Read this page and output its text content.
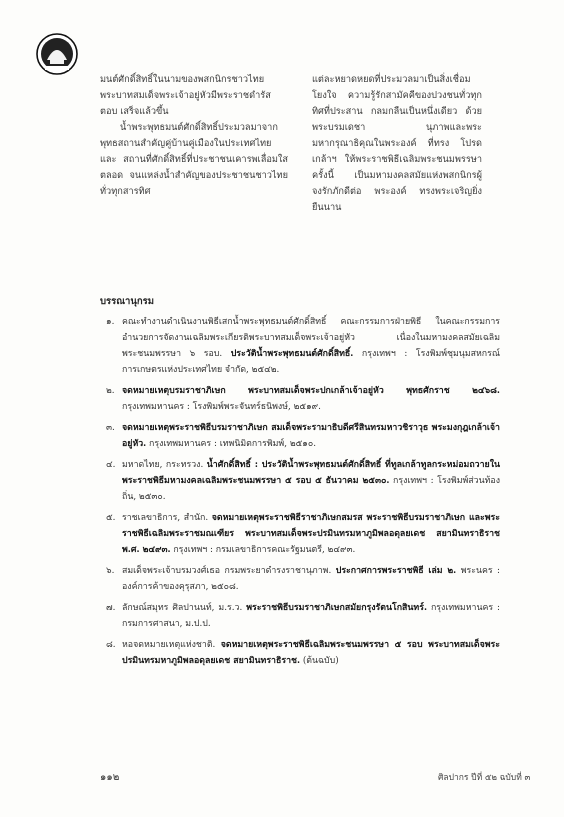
มนต์ศักดิ์สิทธิ์ในนามของพสกนิกรชาวไทย พระบาทสมเด็จพระเจ้าอยู่หัวมีพระราชดำรัสตอบ เสร็จแล้วขึ้น

น้ำพระพุทธมนต์ศักดิ์สิทธิ์ประมวลมาจาก พุทธสถานสำคัญคู่บ้านคู่เมืองในประเทศไทย และ สถานที่ศักดิ์สิทธิ์ที่ประชาชนเคารพเลื่อมใส ตลอด จนแหล่งน้ำสำคัญของประชาชนชาวไทยทั่วทุกสารทิศ

แต่ละหยาดหยดที่ประมวลมาเป็นสิ่งเชื่อมโยงใจ ความรู้รักสามัคคีของปวงชนทั่วทุกทิศที่ประสาน กลมกลืนเป็นหนึ่งเดียว ด้วยพระบรมเดชา นุภาพและพระมหากรุณาธิคุณในพระองค์ ที่ทรง โปรดเกล้าฯ ให้พระราชพิธีเฉลิมพระชนมพรรษาครั้งนี้ เป็นมหามงคลสมัยแห่งพสกนิกรผู้จงรักภักดีต่อ พระองค์ ทรงพระเจริญยิ่งยืนนาน

บรรณานุกรม
๑. คณะทำงานดำเนินงานพิธีเสกน้ำพระพุทธมนต์ศักดิ์สิทธิ์ คณะกรรมการฝ่ายพิธี ในคณะกรรมการอำนวยการจัดงานเฉลิมพระเกียรติพระบาทสมเด็จพระเจ้าอยู่หัว เนื่องในมหามงคลสมัยเฉลิมพระชนมพรรษา ๖ รอบ. ประวัติน้ำพระพุทธมนต์ศักดิ์สิทธิ์. กรุงเทพฯ : โรงพิมพ์ชุมนุมสหกรณ์การเกษตรแห่งประเทศไทย จำกัด, ๒๕๔๒.
๒. จดหมายเหตุบรมราชาภิเษก พระบาทสมเด็จพระปกเกล้าเจ้าอยู่หัว พุทธศักราช ๒๔๖๘. กรุงเทพมหานคร : โรงพิมพ์พระจันทร์ธนิพงษ์, ๒๕๑๙.
๓. จดหมายเหตุพระราชพิธีบรมราชาภิเษก สมเด็จพระรามาธิบดีศรีสินทรมหาวชิราวุธ พระมงกุฎเกล้าเจ้าอยู่หัว. กรุงเทพมหานคร : เทพนิมิตการพิมพ์, ๒๕๑๐.
๔. มหาดไทย, กระทรวง. น้ำศักดิ์สิทธิ์ : ประวัติน้ำพระพุทธมนต์ศักดิ์สิทธิ์ ที่ทูลเกล้าทูลกระหม่อมถวายในพระราชพิธีมหามงคลเฉลิมพระชนมพรรษา ๕ รอบ ๕ ธันวาคม ๒๕๓๐. กรุงเทพฯ : โรงพิมพ์ส่วนท้องถิ่น, ๒๕๓๐.
๕. ราชเลขาธิการ, สำนัก. จดหมายเหตุพระราชพิธีราชาภิเษกสมรส พระราชพิธีบรมราชาภิเษก และพระราชพิธีเฉลิมพระราชมณเฑียร พระบาทสมเด็จพระปรมินทรมหาภูมิพลอดุลยเดช สยามินทราธิราช พ.ศ. ๒๔๙๓. กรุงเทพฯ : กรมเลขาธิการคณะรัฐมนตรี, ๒๔๙๓.
๖. สมเด็จพระเจ้าบรมวงศ์เธอ กรมพระยาดำรงราชานุภาพ. ประกาศการพระราชพิธี เล่ม ๒. พระนคร : องค์การค้าของคุรุสภา, ๒๕๐๘.
๗. ลักษณ์สมุทร ศิลปานนท์, ม.ร.ว. พระราชพิธีบรมราชาภิเษกสมัยกรุงรัตนโกสินทร์. กรุงเทพมหานคร : กรมการศาสนา, ม.ป.ป.
๘. หอจดหมายเหตุแห่งชาติ. จดหมายเหตุพระราชพิธีเฉลิมพระชนมพรรษา ๕ รอบ พระบาทสมเด็จพระปรมินทรมหาภูมิพลอดุลยเดช สยามินทราธิราช. (ต้นฉบับ)
๑๑๒	ศิลปากร ปีที่ ๕๒ ฉบับที่ ๓
